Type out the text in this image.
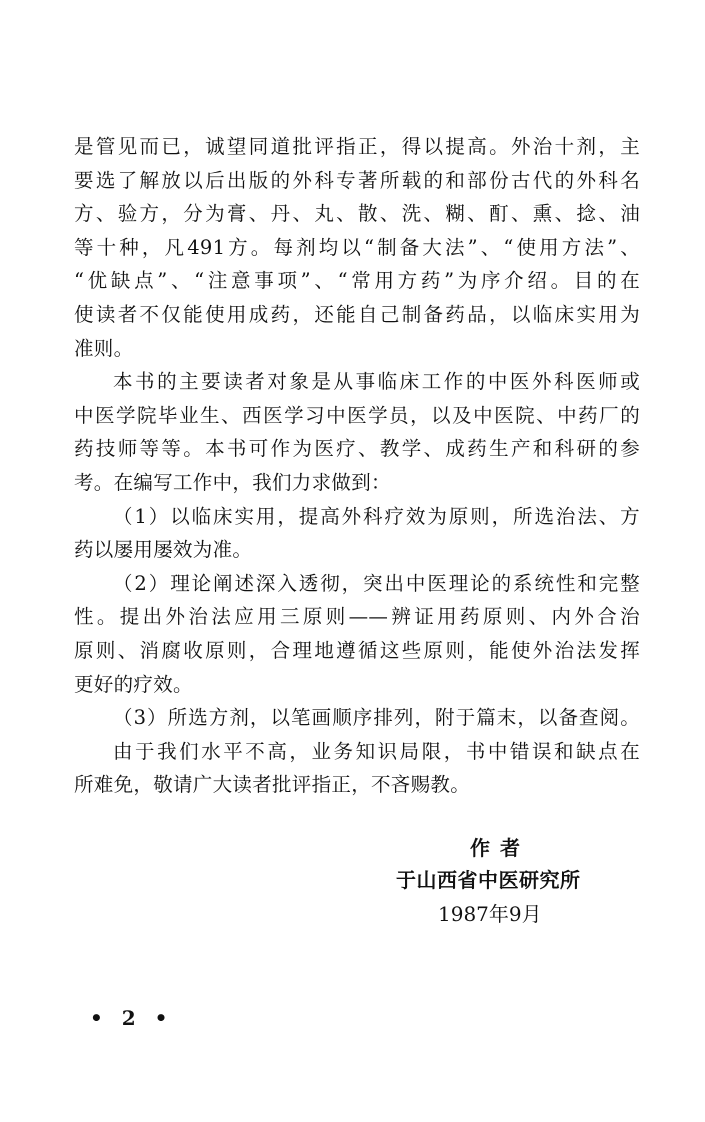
是管见而已，诚望同道批评指正，得以提高。外治十剂，主
要选了解放以后出版的外科专著所载的和部份古代的外科名
方、验方，分为膏、丹、丸、散、洗、糊、酊、熏、捻、油
等十种，凡491方。每剂均以“制备大法”、“使用方法”、
“优缺点”、“注意事项”、“常用方药”为序介绍。目的在
使读者不仅能使用成药，还能自己制备药品，以临床实用为
准则。
本书的主要读者对象是从事临床工作的中医外科医师或
中医学院毕业生、西医学习中医学员，以及中医院、中药厂的
药技师等等。本书可作为医疗、教学、成药生产和科研的参
考。在编写工作中，我们力求做到：
（1）以临床实用，提高外科疗效为原则，所选治法、方
药以屡用屡效为准。
（2）理论阐述深入透彻，突出中医理论的系统性和完整
性。提出外治法应用三原则——辨证用药原则、内外合治
原则、消腐收原则，合理地遵循这些原则，能使外治法发挥
更好的疗效。
（3）所选方剂，以笔画顺序排列，附于篇末，以备查阅。
由于我们水平不高，业务知识局限，书中错误和缺点在
所难免，敬请广大读者批评指正，不吝赐教。
作者
于山西省中医研究所
1987年9月
• 2 •
